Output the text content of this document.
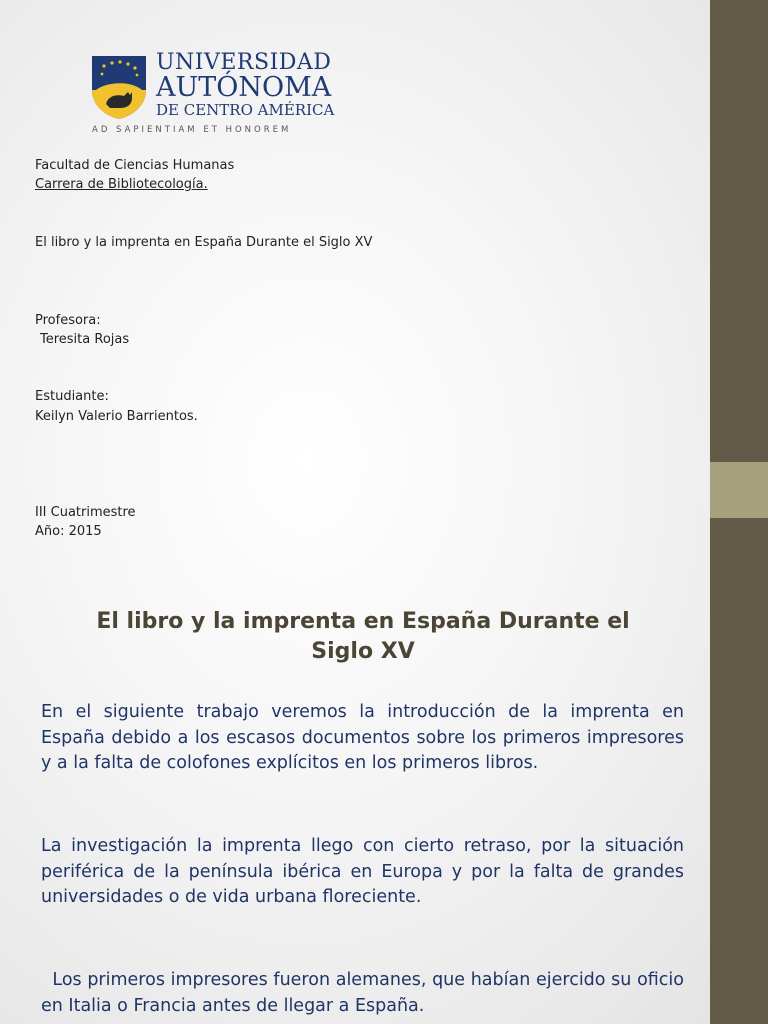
UNIVERSIDAD
AUTÓNOMA
DE CENTRO AMÉRICA
AD SAPIENTIAM ET HONOREM
Facultad de Ciencias Humanas
Carrera de Bibliotecología.
El libro y la imprenta en España Durante el Siglo XV
Profesora:
Teresita Rojas
Estudiante:
Keilyn Valerio Barrientos.
III Cuatrimestre
Año: 2015
El libro y la imprenta en España Durante el
Siglo XV

En el siguiente trabajo veremos la introducción de la imprenta en España debido a los escasos documentos sobre los primeros impresores y a la falta de colofones explícitos en los primeros libros.

La investigación la imprenta llego con cierto retraso, por la situación periférica de la península ibérica en Europa y por la falta de grandes universidades o de vida urbana floreciente.

Los primeros impresores fueron alemanes, que habían ejercido su oficio en Italia o Francia antes de llegar a España.
